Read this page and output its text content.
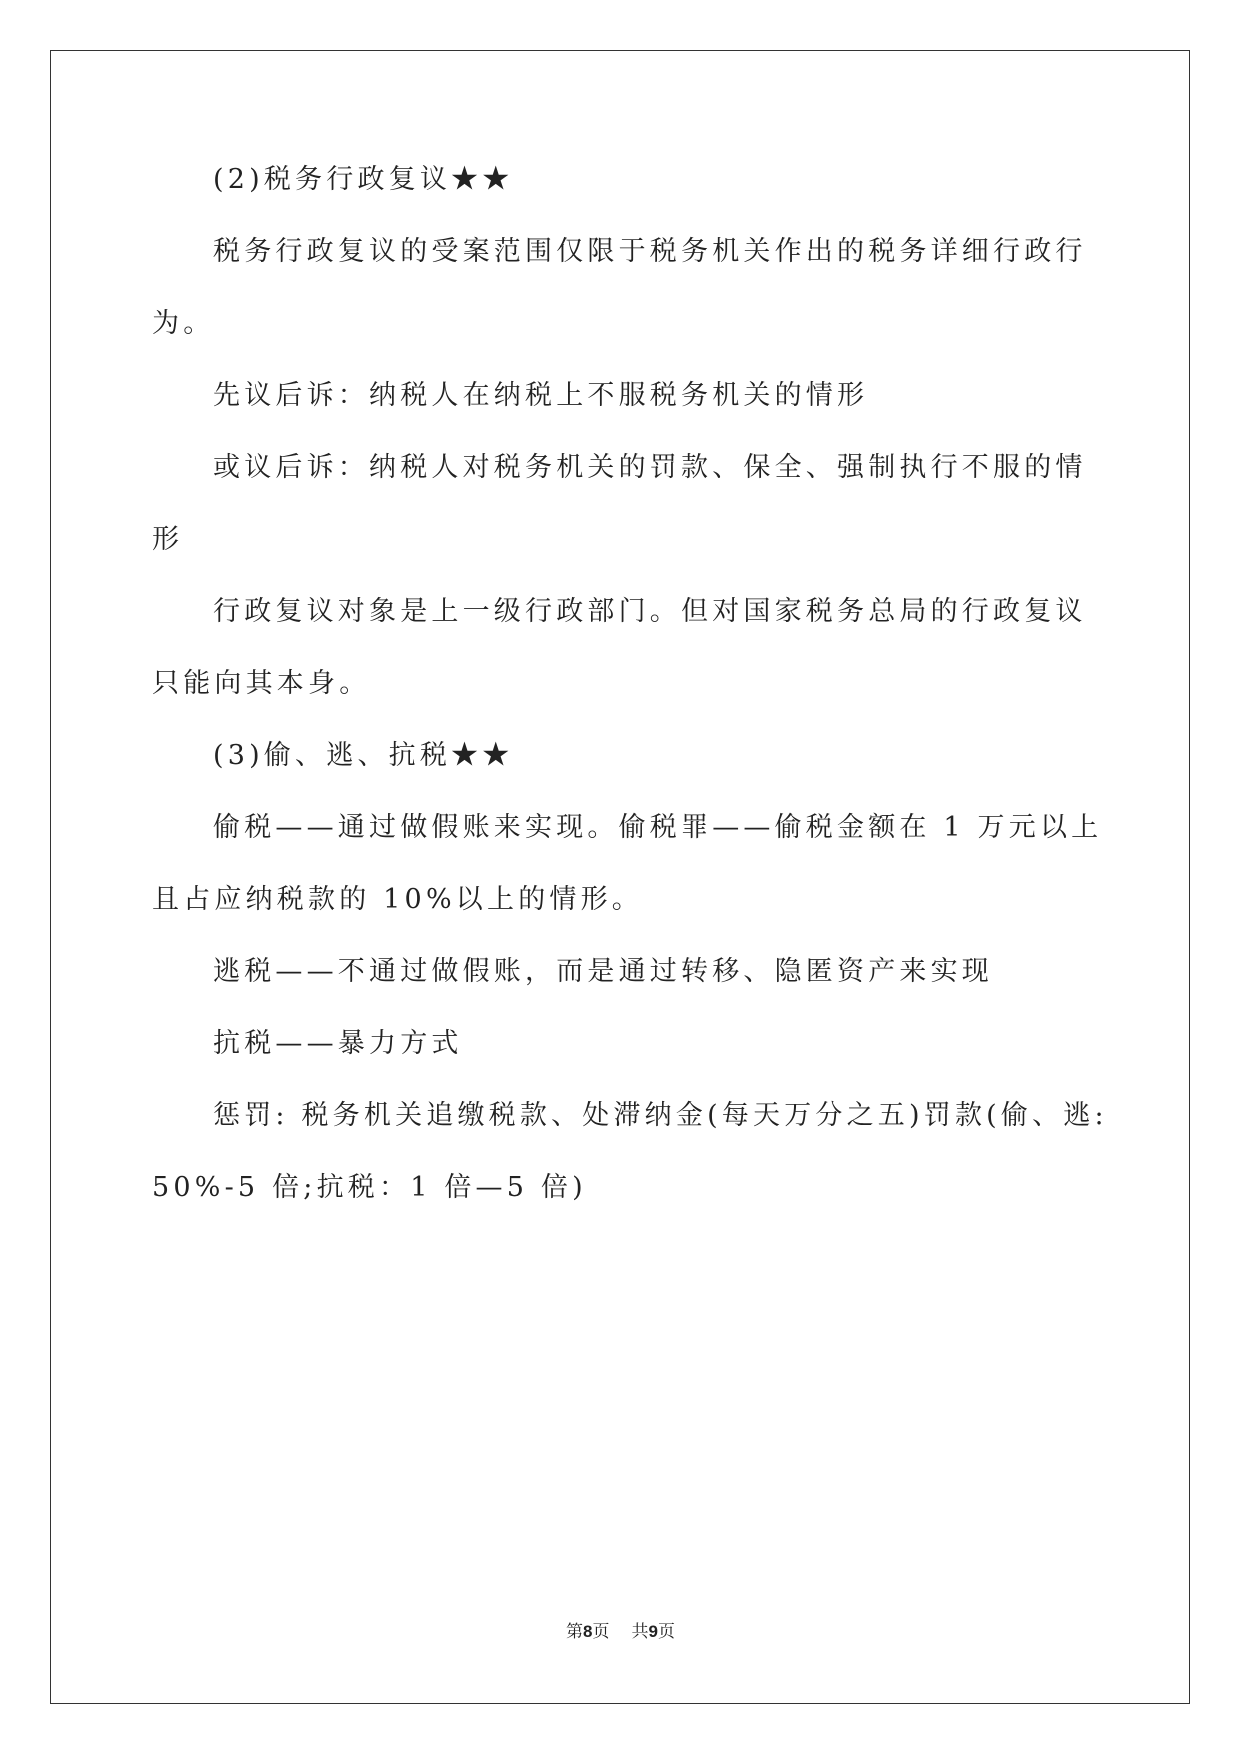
(2)税务行政复议★★
税务行政复议的受案范围仅限于税务机关作出的税务详细行政行
为。
先议后诉：纳税人在纳税上不服税务机关的情形
或议后诉：纳税人对税务机关的罚款、保全、强制执行不服的情
形
行政复议对象是上一级行政部门。但对国家税务总局的行政复议
只能向其本身。
(3)偷、逃、抗税★★
偷税——通过做假账来实现。偷税罪——偷税金额在 1 万元以上
且占应纳税款的 10%以上的情形。
逃税——不通过做假账，而是通过转移、隐匿资产来实现
抗税——暴力方式
惩罚: 税务机关追缴税款、处滞纳金(每天万分之五)罚款(偷、逃:
50%-5 倍;抗税：1 倍—5 倍)
第8页 共9页
